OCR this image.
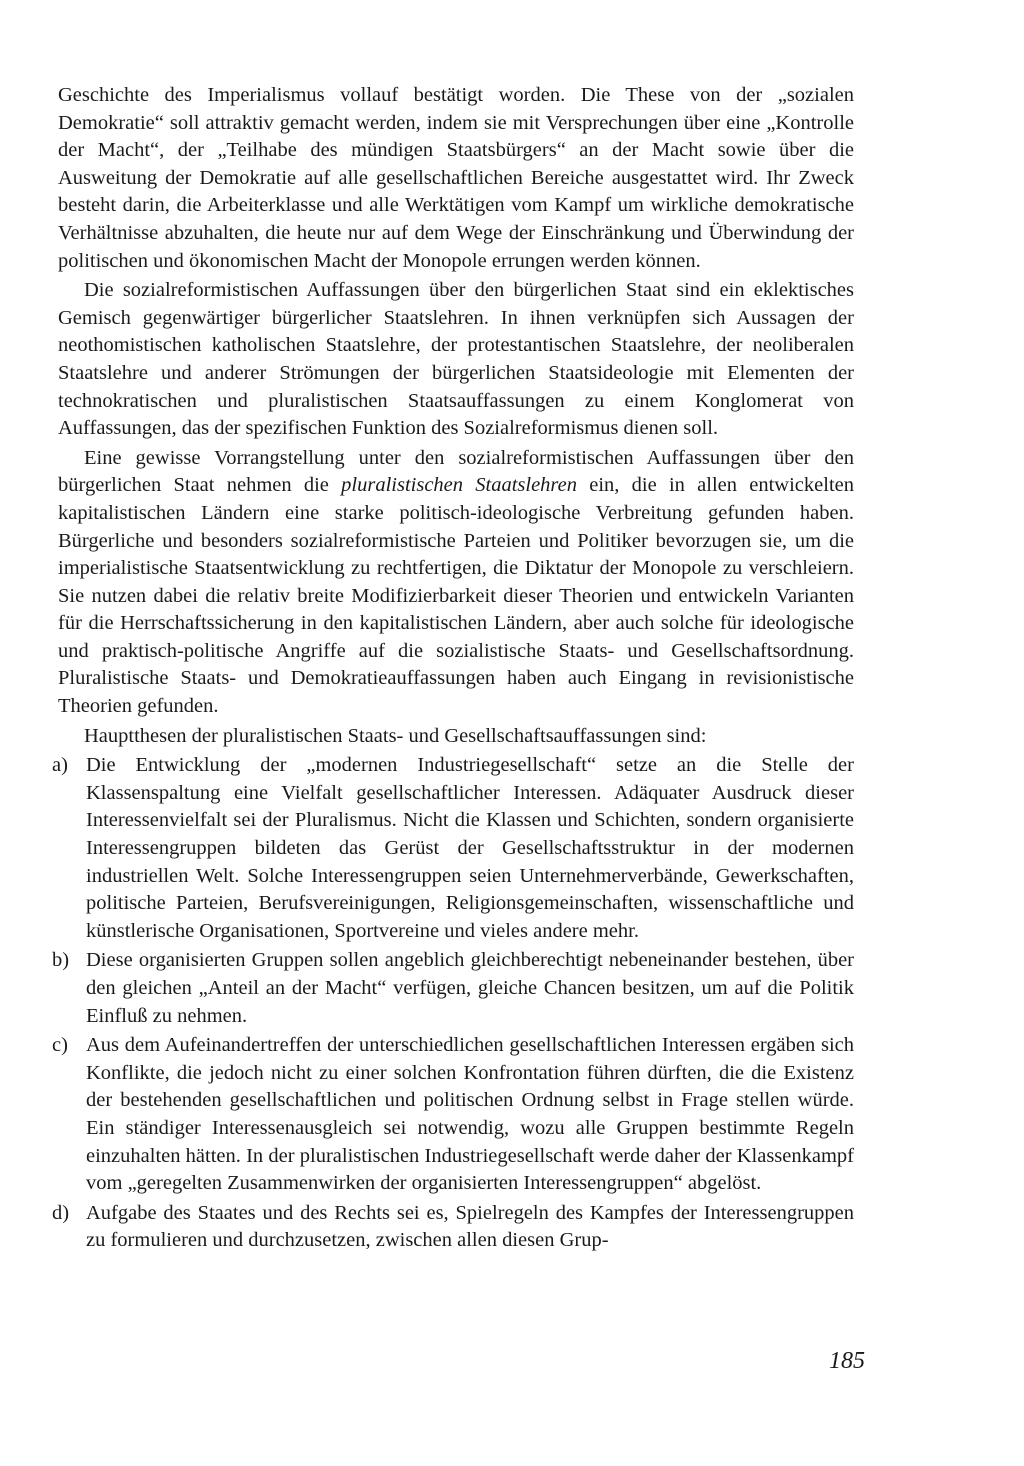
Geschichte des Imperialismus vollauf bestätigt worden. Die These von der „sozialen Demokratie“ soll attraktiv gemacht werden, indem sie mit Versprechungen über eine „Kontrolle der Macht“, der „Teilhabe des mündigen Staatsbürgers“ an der Macht sowie über die Ausweitung der Demokratie auf alle gesellschaftlichen Bereiche ausgestattet wird. Ihr Zweck besteht darin, die Arbeiterklasse und alle Werktätigen vom Kampf um wirkliche demokratische Verhältnisse abzuhalten, die heute nur auf dem Wege der Einschränkung und Überwindung der politischen und ökonomischen Macht der Monopole errungen werden können.

Die sozialreformistischen Auffassungen über den bürgerlichen Staat sind ein eklektisches Gemisch gegenwärtiger bürgerlicher Staatslehren. In ihnen verknüpfen sich Aussagen der neothomistischen katholischen Staatslehre, der protestantischen Staatslehre, der neoliberalen Staatslehre und anderer Strömungen der bürgerlichen Staatsideologie mit Elementen der technokratischen und pluralistischen Staatsauffassungen zu einem Konglomerat von Auffassungen, das der spezifischen Funktion des Sozialreformismus dienen soll.

Eine gewisse Vorrangstellung unter den sozialreformistischen Auffassungen über den bürgerlichen Staat nehmen die pluralistischen Staatslehren ein, die in allen entwickelten kapitalistischen Ländern eine starke politisch-ideologische Verbreitung gefunden haben. Bürgerliche und besonders sozialreformistische Parteien und Politiker bevorzugen sie, um die imperialistische Staatsentwicklung zu rechtfertigen, die Diktatur der Monopole zu verschleiern. Sie nutzen dabei die relativ breite Modifizierbarkeit dieser Theorien und entwickeln Varianten für die Herrschaftssicherung in den kapitalistischen Ländern, aber auch solche für ideologische und praktisch-politische Angriffe auf die sozialistische Staats- und Gesellschaftsordnung. Pluralistische Staats- und Demokratieauffassungen haben auch Eingang in revisionistische Theorien gefunden.

Hauptthesen der pluralistischen Staats- und Gesellschaftsauffassungen sind:

a) Die Entwicklung der „modernen Industriegesellschaft“ setze an die Stelle der Klassenspaltung eine Vielfalt gesellschaftlicher Interessen. Adäquater Ausdruck dieser Interessenvielfalt sei der Pluralismus. Nicht die Klassen und Schichten, sondern organisierte Interessengruppen bildeten das Gerüst der Gesellschaftsstruktur in der modernen industriellen Welt. Solche Interessengruppen seien Unternehmerverbände, Gewerkschaften, politische Parteien, Berufsvereinigungen, Religionsgemeinschaften, wissenschaftliche und künstlerische Organisationen, Sportvereine und vieles andere mehr.
b) Diese organisierten Gruppen sollen angeblich gleichberechtigt nebeneinander bestehen, über den gleichen „Anteil an der Macht“ verfügen, gleiche Chancen besitzen, um auf die Politik Einfluß zu nehmen.
c) Aus dem Aufeinandertreffen der unterschiedlichen gesellschaftlichen Interessen ergäben sich Konflikte, die jedoch nicht zu einer solchen Konfrontation führen dürften, die die Existenz der bestehenden gesellschaftlichen und politischen Ordnung selbst in Frage stellen würde. Ein ständiger Interessenausgleich sei notwendig, wozu alle Gruppen bestimmte Regeln einzuhalten hätten. In der pluralistischen Industriegesellschaft werde daher der Klassenkampf vom „geregelten Zusammenwirken der organisierten Interessengruppen“ abgelöst.
d) Aufgabe des Staates und des Rechts sei es, Spielregeln des Kampfes der Interessengruppen zu formulieren und durchzusetzen, zwischen allen diesen Grup-
185
